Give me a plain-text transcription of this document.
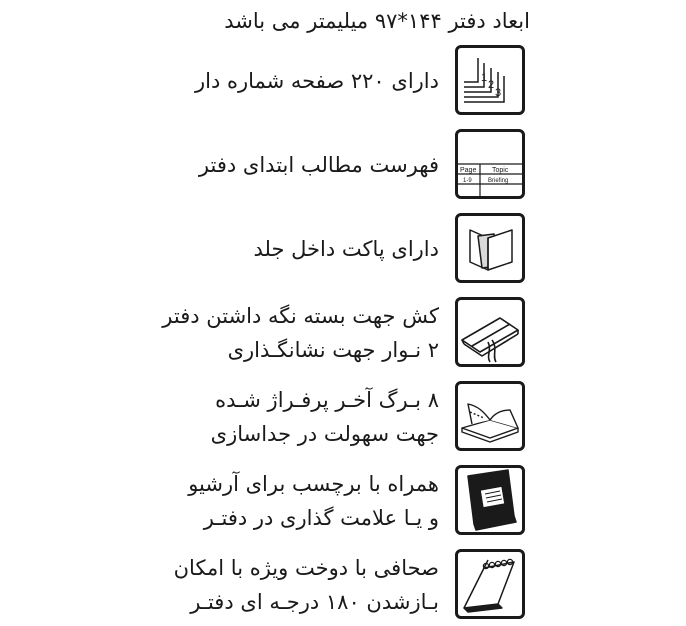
ابعاد دفتر ۱۴۴*۹۷ میلیمتر می باشد
1
2
3
دارای ۲۲۰ صفحه شماره دار
Page Topic
1-9	Briefing
فهرست مطالب ابتدای دفتر
دارای پاکت داخل جلد
کش جهت بسته نگه داشتن دفتر
۲ نـوار جهت نشانگـذاری
۸ بـرگ آخـر پرفـراژ شـده
جهت سهولت در جداسازی
همراه با برچسب برای آرشیو
و یـا علامت گذاری در دفتـر
صحافی با دوخت ویژه با امکان
بـازشدن ۱۸۰ درجـه ای دفتـر
